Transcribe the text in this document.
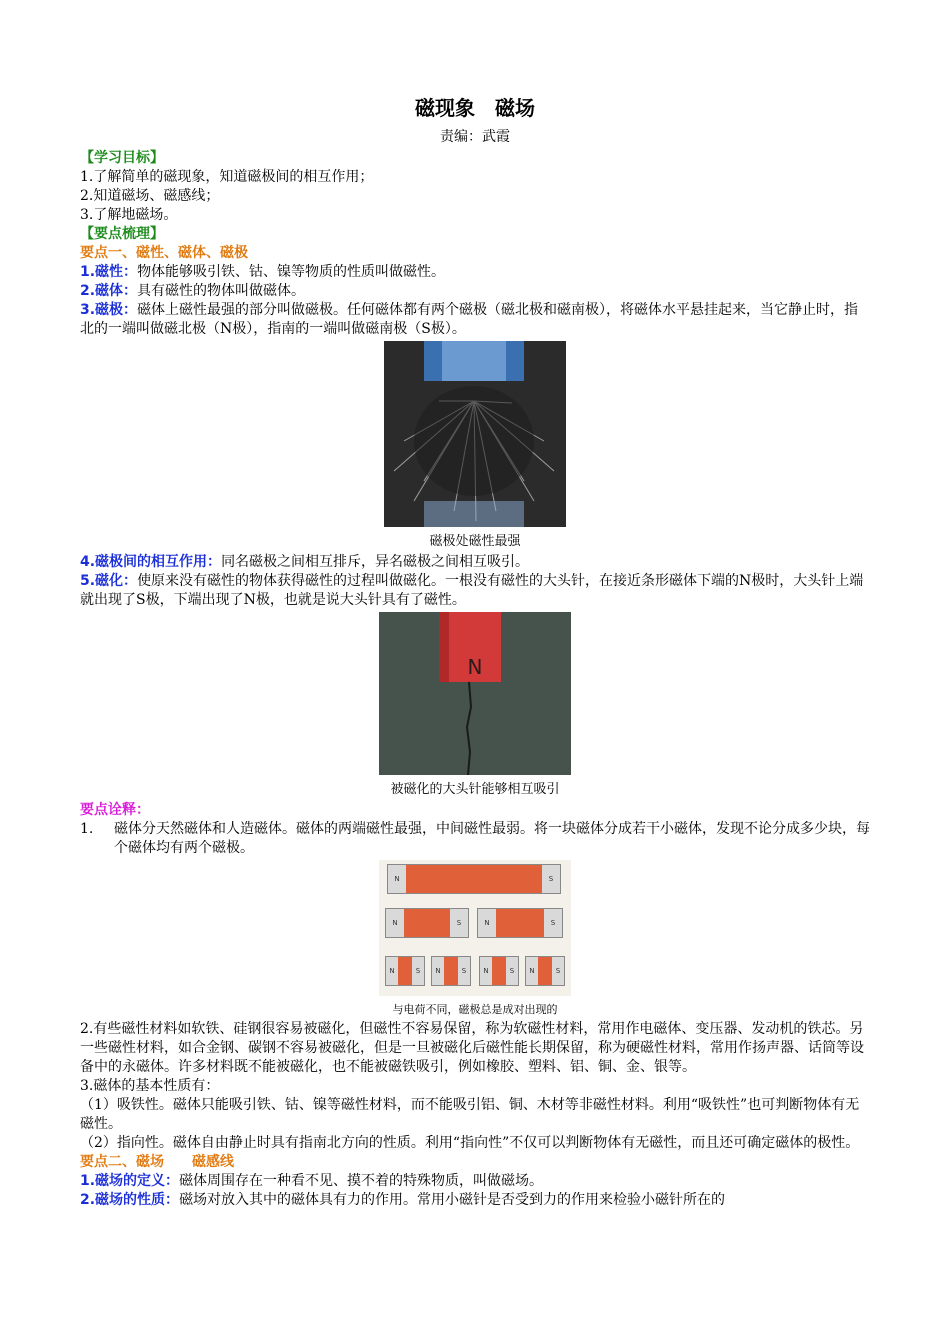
磁现象　磁场
责编：武霞

【学习目标】

1.了解简单的磁现象，知道磁极间的相互作用；

2.知道磁场、磁感线；

3.了解地磁场。

【要点梳理】

要点一、磁性、磁体、磁极

1.磁性：物体能够吸引铁、钴、镍等物质的性质叫做磁性。

2.磁体：具有磁性的物体叫做磁体。

3.磁极：磁体上磁性最强的部分叫做磁极。任何磁体都有两个磁极（磁北极和磁南极），将磁体水平悬挂起来，当它静止时，指北的一端叫做磁北极（N极），指南的一端叫做磁南极（S极）。

磁极处磁性最强

4.磁极间的相互作用：同名磁极之间相互排斥，异名磁极之间相互吸引。

5.磁化：使原来没有磁性的物体获得磁性的过程叫做磁化。一根没有磁性的大头针，在接近条形磁体下端的N极时，大头针上端就出现了S极，下端出现了N极，也就是说大头针具有了磁性。

N
被磁化的大头针能够相互吸引

要点诠释：

1. 磁体分天然磁体和人造磁体。磁体的两端磁性最强，中间磁性最弱。将一块磁体分成若干小磁体，发现不论分成多少块，每个磁体均有两个磁极。

N	S
N	S	N	S
N	S	N	S	N	S	N	S
与电荷不同，磁极总是成对出现的

2.有些磁性材料如软铁、硅钢很容易被磁化，但磁性不容易保留，称为软磁性材料，常用作电磁体、变压器、发动机的铁芯。另一些磁性材料，如合金钢、碳钢不容易被磁化，但是一旦被磁化后磁性能长期保留，称为硬磁性材料，常用作扬声器、话筒等设备中的永磁体。许多材料既不能被磁化，也不能被磁铁吸引，例如橡胶、塑料、铝、铜、金、银等。

3.磁体的基本性质有：

（1）吸铁性。磁体只能吸引铁、钴、镍等磁性材料，而不能吸引铝、铜、木材等非磁性材料。利用“吸铁性”也可判断物体有无磁性。

（2）指向性。磁体自由静止时具有指南北方向的性质。利用“指向性”不仅可以判断物体有无磁性，而且还可确定磁体的极性。

要点二、磁场　　磁感线

1.磁场的定义：磁体周围存在一种看不见、摸不着的特殊物质，叫做磁场。

2.磁场的性质：磁场对放入其中的磁体具有力的作用。常用小磁针是否受到力的作用来检验小磁针所在的
